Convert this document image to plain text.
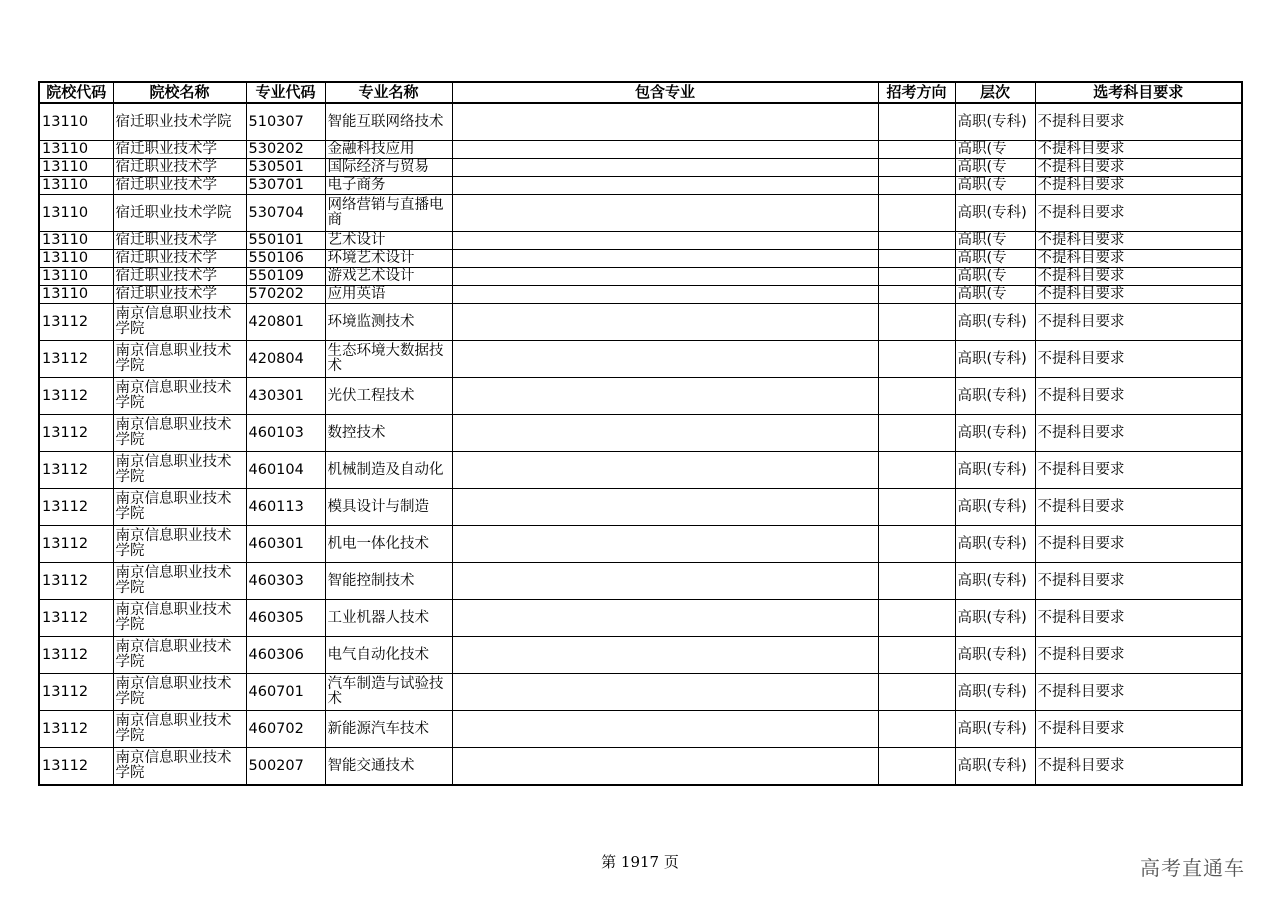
院校代码	院校名称	专业代码	专业名称	包含专业	招考方向	层次	选考科目要求
13110	宿迁职业技术学院	510307	智能互联网络技术			高职(专科)	不提科目要求
13110	宿迁职业技术学	530202	金融科技应用			高职(专	不提科目要求
13110	宿迁职业技术学	530501	国际经济与贸易			高职(专	不提科目要求
13110	宿迁职业技术学	530701	电子商务			高职(专	不提科目要求
13110	宿迁职业技术学院	530704	网络营销与直播电商			高职(专科)	不提科目要求
13110	宿迁职业技术学	550101	艺术设计			高职(专	不提科目要求
13110	宿迁职业技术学	550106	环境艺术设计			高职(专	不提科目要求
13110	宿迁职业技术学	550109	游戏艺术设计			高职(专	不提科目要求
13110	宿迁职业技术学	570202	应用英语			高职(专	不提科目要求
13112	南京信息职业技术学院	420801	环境监测技术			高职(专科)	不提科目要求
13112	南京信息职业技术学院	420804	生态环境大数据技术			高职(专科)	不提科目要求
13112	南京信息职业技术学院	430301	光伏工程技术			高职(专科)	不提科目要求
13112	南京信息职业技术学院	460103	数控技术			高职(专科)	不提科目要求
13112	南京信息职业技术学院	460104	机械制造及自动化			高职(专科)	不提科目要求
13112	南京信息职业技术学院	460113	模具设计与制造			高职(专科)	不提科目要求
13112	南京信息职业技术学院	460301	机电一体化技术			高职(专科)	不提科目要求
13112	南京信息职业技术学院	460303	智能控制技术			高职(专科)	不提科目要求
13112	南京信息职业技术学院	460305	工业机器人技术			高职(专科)	不提科目要求
13112	南京信息职业技术学院	460306	电气自动化技术			高职(专科)	不提科目要求
13112	南京信息职业技术学院	460701	汽车制造与试验技术			高职(专科)	不提科目要求
13112	南京信息职业技术学院	460702	新能源汽车技术			高职(专科)	不提科目要求
13112	南京信息职业技术学院	500207	智能交通技术			高职(专科)	不提科目要求
第 1917 页	高考直通车
